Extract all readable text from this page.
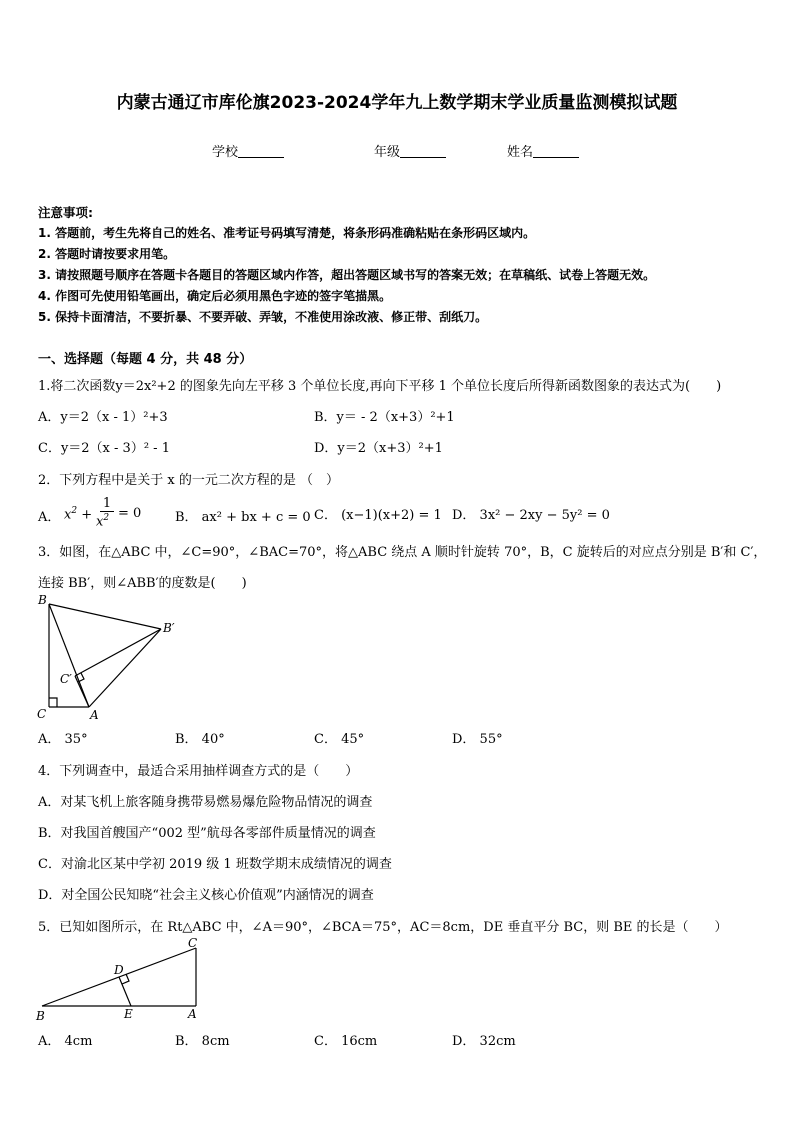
内蒙古通辽市库伦旗2023-2024学年九上数学期末学业质量监测模拟试题
学校	年级	姓名
注意事项:
1. 答题前，考生先将自己的姓名、准考证号码填写清楚，将条形码准确粘贴在条形码区域内。
2. 答题时请按要求用笔。
3. 请按照题号顺序在答题卡各题目的答题区域内作答，超出答题区域书写的答案无效；在草稿纸、试卷上答题无效。
4. 作图可先使用铅笔画出，确定后必须用黑色字迹的签字笔描黑。
5. 保持卡面清洁，不要折暴、不要弄破、弄皱，不准使用涂改液、修正带、刮纸刀。
一、选择题（每题 4 分，共 48 分）
1.将二次函数y＝2x²+2 的图象先向左平移 3 个单位长度,再向下平移 1 个单位长度后所得新函数图象的表达式为(　　)
A．y＝2（x - 1）²+3	B．y＝ - 2（x+3）²+1
C．y＝2（x - 3）² - 1	D．y＝2（x+3）²+1
2．下列方程中是关于 x 的一元二次方程的是 （　）
A． $x^2$ +
1
$x^2 = 0$	B． ax² + bx + c = 0 C． (x−1)(x+2) = 1 D． 3x² − 2xy − 5y² = 0
3．如图，在△ABC 中，∠C=90°，∠BAC=70°，将△ABC 绕点 A 顺时针旋转 70°，B，C 旋转后的对应点分别是 B′和 C′，
连接 BB′，则∠ABB′的度数是(　　)
B
B′
C′
C	A
A． 35°	B． 40°	C． 45°	D． 55°
4．下列调查中，最适合采用抽样调查方式的是（　　）
A．对某飞机上旅客随身携带易燃易爆危险物品情况的调查
B．对我国首艘国产“002 型”航母各零部件质量情况的调查
C．对渝北区某中学初 2019 级 1 班数学期末成绩情况的调查
D．对全国公民知晓“社会主义核心价值观”内涵情况的调查
5．已知如图所示，在 Rt△ABC 中，∠A＝90°，∠BCA＝75°，AC＝8cm，DE 垂直平分 BC，则 BE 的长是（　　）
C
D
B	E	A
A． 4cm	B． 8cm	C． 16cm	D． 32cm
